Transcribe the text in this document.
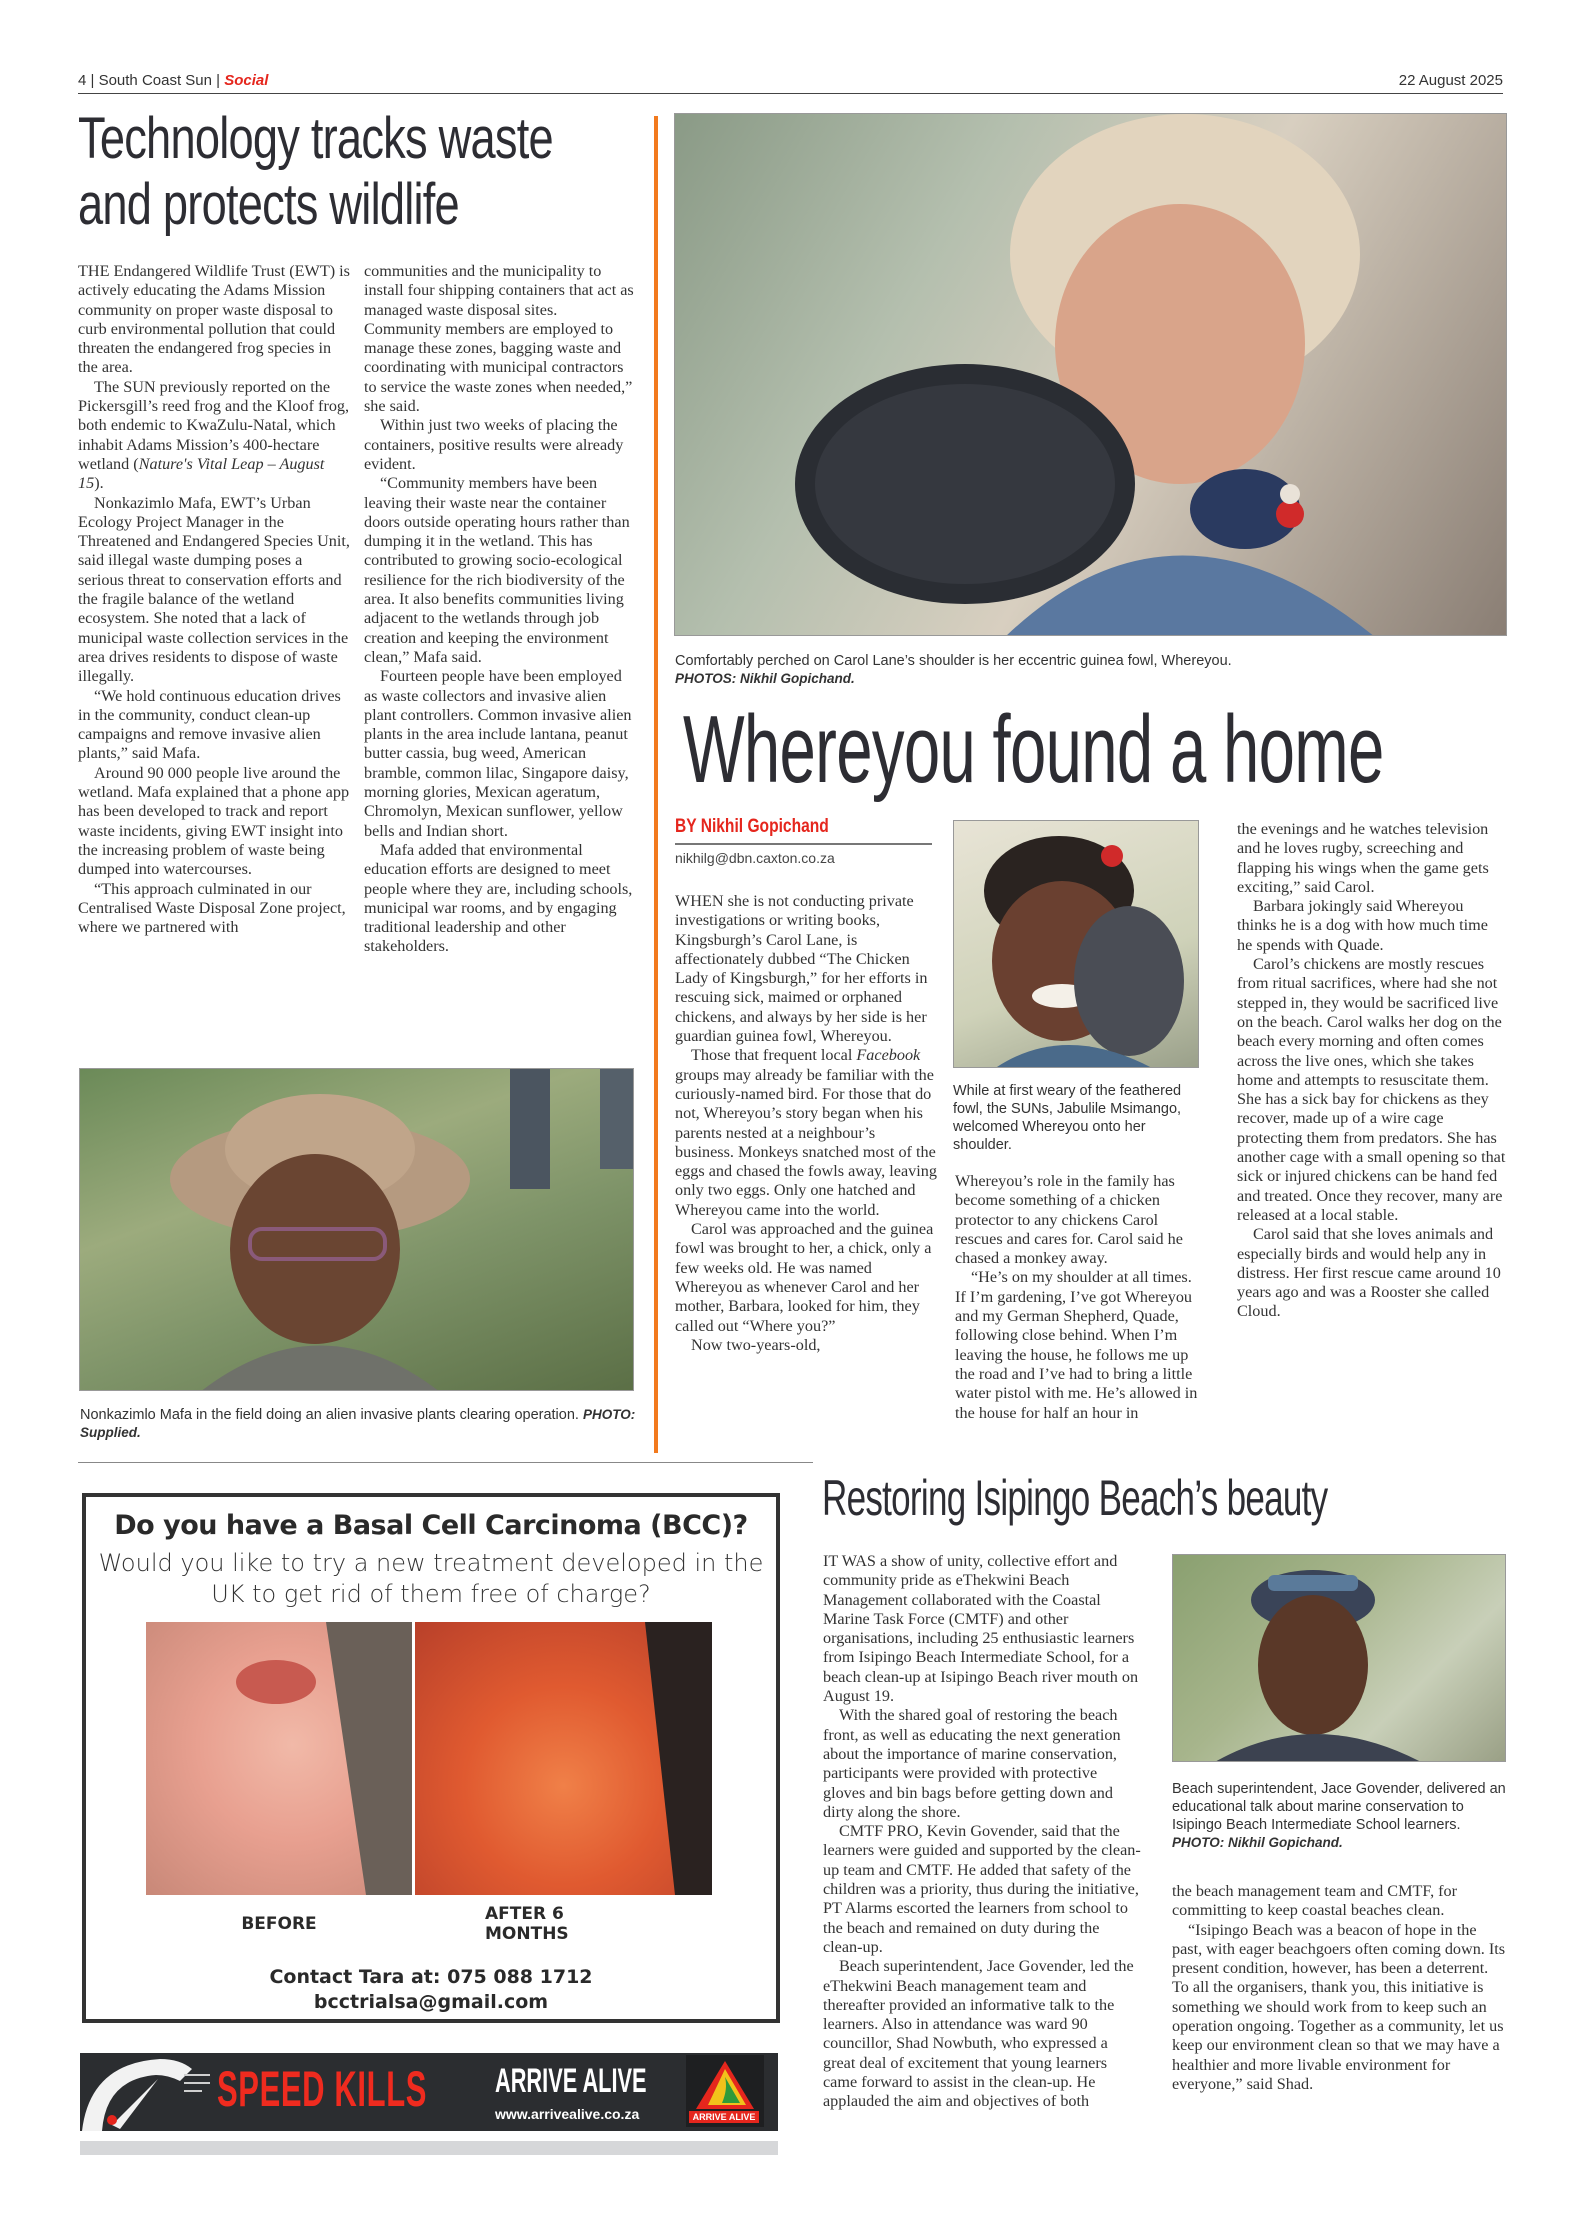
4 | South Coast Sun | Social	22 August 2025
Technology tracks waste
and protects wildlife

THE Endangered Wildlife Trust (EWT) is actively educating the Adams Mission community on proper waste disposal to curb environmental pollution that could threaten the endangered frog species in the area.

The SUN previously reported on the Pickersgill’s reed frog and the Kloof frog, both endemic to KwaZulu-Natal, which inhabit Adams Mission’s 400-hectare wetland (Nature's Vital Leap – August 15).

Nonkazimlo Mafa, EWT’s Urban Ecology Project Manager in the Threatened and Endangered Species Unit, said illegal waste dumping poses a serious threat to conservation efforts and the fragile balance of the wetland ecosystem. She noted that a lack of municipal waste collection services in the area drives residents to dispose of waste illegally.

“We hold continuous education drives in the community, conduct clean-up campaigns and remove invasive alien plants,” said Mafa.

Around 90 000 people live around the wetland. Mafa explained that a phone app has been developed to track and report waste incidents, giving EWT insight into the increasing problem of waste being dumped into watercourses.

“This approach culminated in our Centralised Waste Disposal Zone project, where we partnered with

communities and the municipality to install four shipping containers that act as managed waste disposal sites. Community members are employed to manage these zones, bagging waste and coordinating with municipal contractors to service the waste zones when needed,” she said.

Within just two weeks of placing the containers, positive results were already evident.

“Community members have been leaving their waste near the container doors outside operating hours rather than dumping it in the wetland. This has contributed to growing socio-ecological resilience for the rich biodiversity of the area. It also benefits communities living adjacent to the wetlands through job creation and keeping the environment clean,” Mafa said.

Fourteen people have been employed as waste collectors and invasive alien plant controllers. Common invasive alien plants in the area include lantana, peanut butter cassia, bug weed, American bramble, common lilac, Singapore daisy, morning glories, Mexican ageratum, Chromolyn, Mexican sunflower, yellow bells and Indian short.

Mafa added that environmental education efforts are designed to meet people where they are, including schools, municipal war rooms, and by engaging traditional leadership and other stakeholders.

Nonkazimlo Mafa in the field doing an alien invasive plants clearing operation. PHOTO: Supplied.
Comfortably perched on Carol Lane’s shoulder is her eccentric guinea fowl, Whereyou.
PHOTOS: Nikhil Gopichand.
Whereyou found a home
BY Nikhil Gopichand
nikhilg@dbn.caxton.co.za

WHEN she is not conducting private investigations or writing books, Kingsburgh’s Carol Lane, is affectionately dubbed “The Chicken Lady of Kingsburgh,” for her efforts in rescuing sick, maimed or orphaned chickens, and always by her side is her guardian guinea fowl, Whereyou.

Those that frequent local Facebook groups may already be familiar with the curiously-named bird. For those that do not, Whereyou’s story began when his parents nested at a neighbour’s business. Monkeys snatched most of the eggs and chased the fowls away, leaving only two eggs. Only one hatched and Whereyou came into the world.

Carol was approached and the guinea fowl was brought to her, a chick, only a few weeks old. He was named Whereyou as whenever Carol and her mother, Barbara, looked for him, they called out “Where you?”

Now two-years-old,

While at first weary of the feathered fowl, the SUNs, Jabulile Msimango, welcomed Whereyou onto her shoulder.

Whereyou’s role in the family has become something of a chicken protector to any chickens Carol rescues and cares for. Carol said he chased a monkey away.

“He’s on my shoulder at all times. If I’m gardening, I’ve got Whereyou and my German Shepherd, Quade, following close behind. When I’m leaving the house, he follows me up the road and I’ve had to bring a little water pistol with me. He’s allowed in the house for half an hour in

the evenings and he watches television and he loves rugby, screeching and flapping his wings when the game gets exciting,” said Carol.

Barbara jokingly said Whereyou thinks he is a dog with how much time he spends with Quade.

Carol’s chickens are mostly rescues from ritual sacrifices, where had she not stepped in, they would be sacrificed live on the beach. Carol walks her dog on the beach every morning and often comes across the live ones, which she takes home and attempts to resuscitate them. She has a sick bay for chickens as they recover, made up of a wire cage protecting them from predators. She has another cage with a small opening so that sick or injured chickens can be hand fed and treated. Once they recover, many are released at a local stable.

Carol said that she loves animals and especially birds and would help any in distress. Her first rescue came around 10 years ago and was a Rooster she called Cloud.

Do you have a Basal Cell Carcinoma (BCC)?
Would you like to try a new treatment developed in the UK to get rid of them free of charge?
BEFORE	AFTER 6 MONTHS
Contact Tara at: 075 088 1712
bcctrialsa@gmail.com
SPEED KILLS ARRIVE ALIVE
www.arrivealive.co.za	ARRIVE ALIVE
Restoring Isipingo Beach’s beauty

IT WAS a show of unity, collective effort and community pride as eThekwini Beach Management collaborated with the Coastal Marine Task Force (CMTF) and other organisations, including 25 enthusiastic learners from Isipingo Beach Intermediate School, for a beach clean-up at Isipingo Beach river mouth on August 19.

With the shared goal of restoring the beach front, as well as educating the next generation about the importance of marine conservation, participants were provided with protective gloves and bin bags before getting down and dirty along the shore.

CMTF PRO, Kevin Govender, said that the learners were guided and supported by the clean-up team and CMTF. He added that safety of the children was a priority, thus during the initiative, PT Alarms escorted the learners from school to the beach and remained on duty during the clean-up.

Beach superintendent, Jace Govender, led the eThekwini Beach management team and thereafter provided an informative talk to the learners. Also in attendance was ward 90 councillor, Shad Nowbuth, who expressed a great deal of excitement that young learners came forward to assist in the clean-up. He applauded the aim and objectives of both

Beach superintendent, Jace Govender, delivered an educational talk about marine conservation to Isipingo Beach Intermediate School learners.
PHOTO: Nikhil Gopichand.

the beach management team and CMTF, for committing to keep coastal beaches clean.

“Isipingo Beach was a beacon of hope in the past, with eager beachgoers often coming down. Its present condition, however, has been a deterrent. To all the organisers, thank you, this initiative is something we should work from to keep such an operation ongoing. Together as a community, let us keep our environment clean so that we may have a healthier and more livable environment for everyone,” said Shad.
